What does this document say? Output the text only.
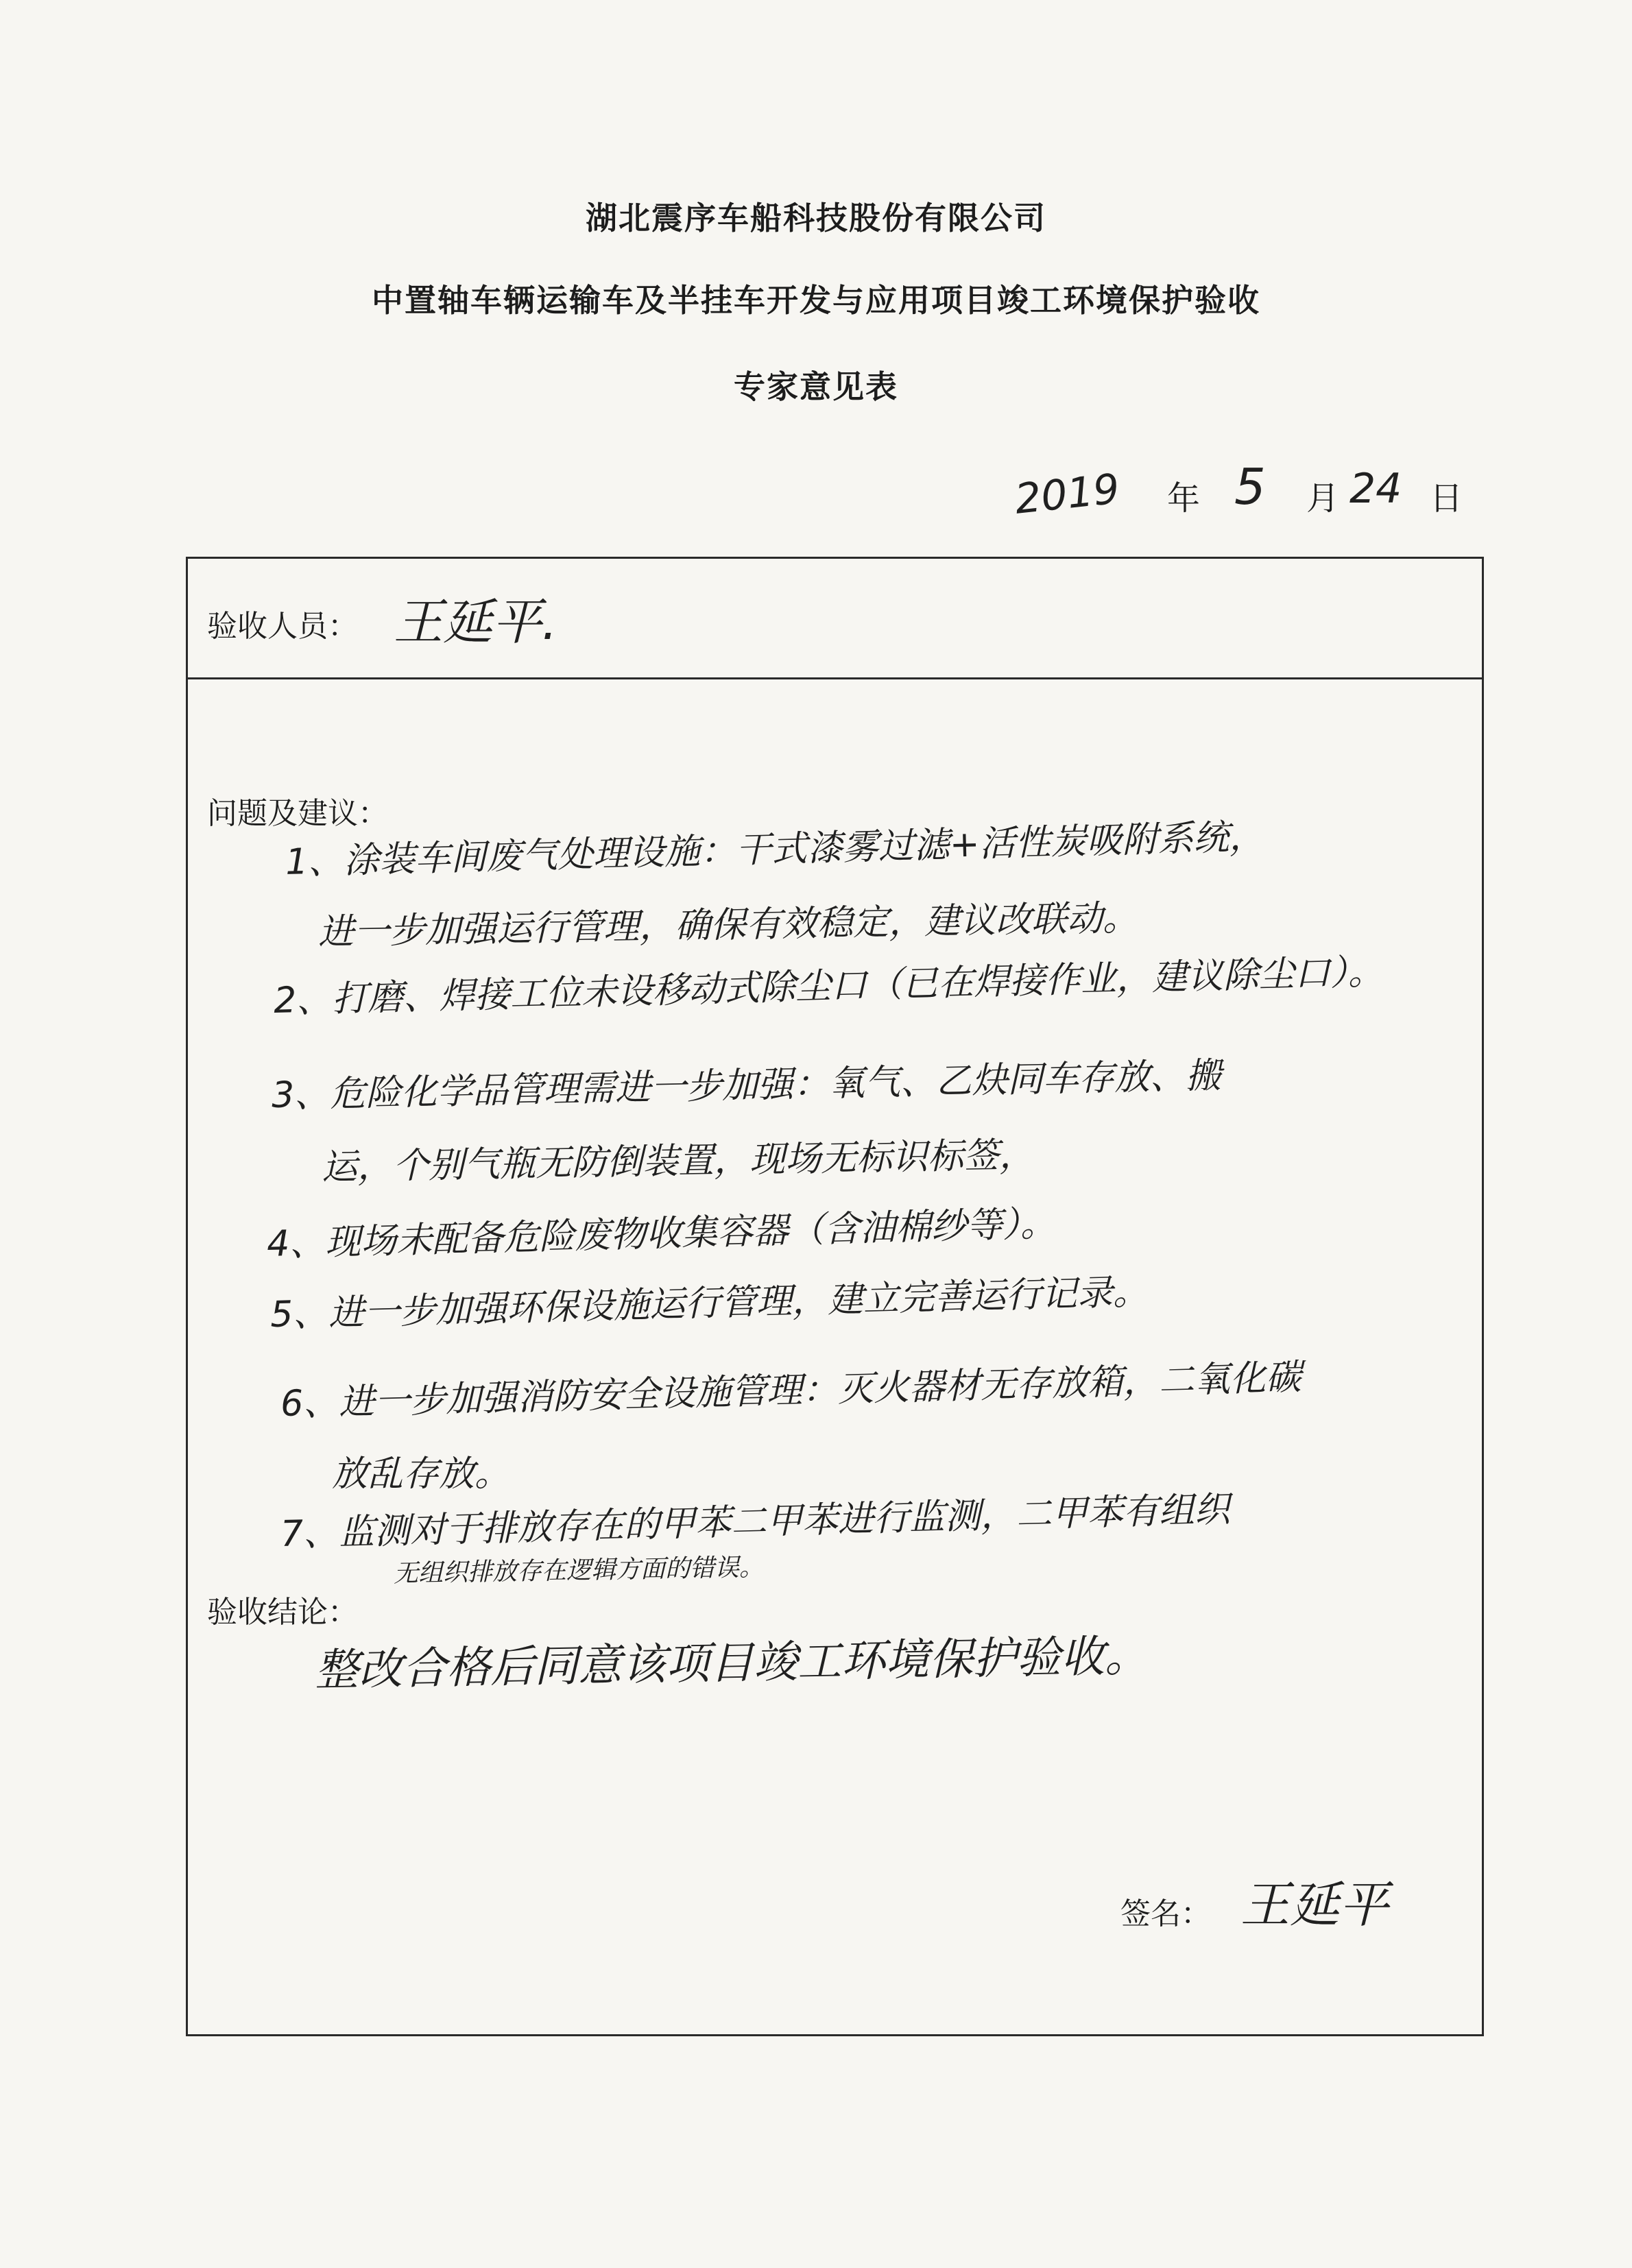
湖北震序车船科技股份有限公司
中置轴车辆运输车及半挂车开发与应用项目竣工环境保护验收
专家意见表
2019 年 5 月 24 日
验收人员： 王延平.
问题及建议：
1、涂装车间废气处理设施：干式漆雾过滤+活性炭吸附系统，
进一步加强运行管理，确保有效稳定，建议改联动。
2、打磨、焊接工位未设移动式除尘口（已在焊接作业，建议除尘口）。
3、危险化学品管理需进一步加强：氧气、乙炔同车存放、搬
运，个别气瓶无防倒装置，现场无标识标签，
4、现场未配备危险废物收集容器（含油棉纱等）。
5、进一步加强环保设施运行管理，建立完善运行记录。
6、进一步加强消防安全设施管理：灭火器材无存放箱，二氧化碳
放乱存放。
7、监测对于排放存在的甲苯二甲苯进行监测，二甲苯有组织
无组织排放存在逻辑方面的错误。
验收结论：
整改合格后同意该项目竣工环境保护验收。
签名： 王延平
